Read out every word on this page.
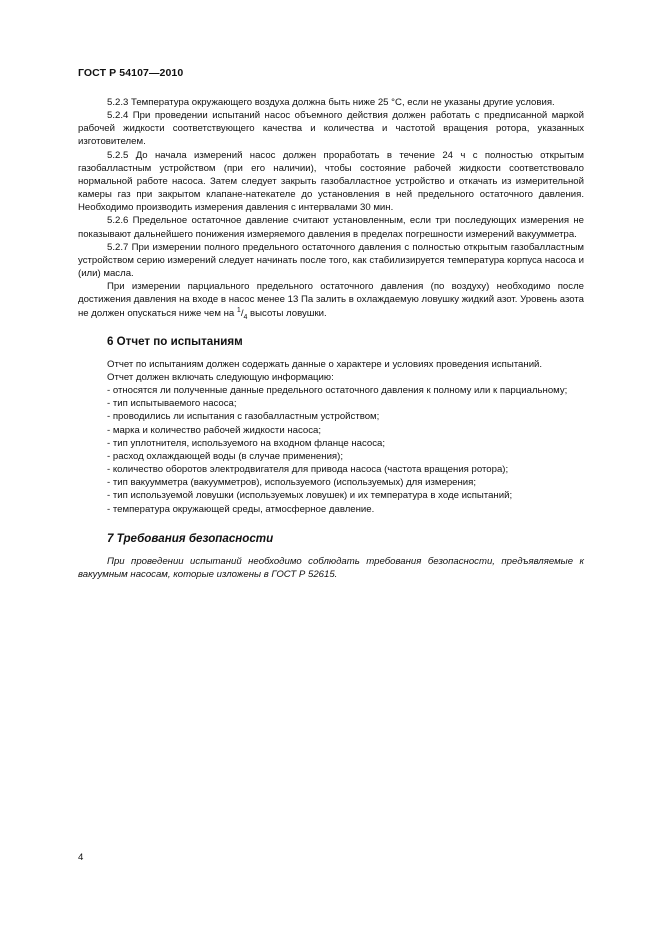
ГОСТ Р 54107—2010

5.2.3 Температура окружающего воздуха должна быть ниже 25 °С, если не указаны другие условия.

5.2.4 При проведении испытаний насос объемного действия должен работать с предписанной маркой рабочей жидкости соответствующего качества и количества и частотой вращения ротора, указанных изготовителем.

5.2.5 До начала измерений насос должен проработать в течение 24 ч с полностью открытым газобалластным устройством (при его наличии), чтобы состояние рабочей жидкости соответствовало нормальной работе насоса. Затем следует закрыть газобалластное устройство и откачать из измерительной камеры газ при закрытом клапане-натекателе до установления в ней предельного остаточного давления. Необходимо производить измерения давления с интервалами 30 мин.

5.2.6 Предельное остаточное давление считают установленным, если три последующих измерения не показывают дальнейшего понижения измеряемого давления в пределах погрешности измерений вакуумметра.

5.2.7 При измерении полного предельного остаточного давления с полностью открытым газобалластным устройством серию измерений следует начинать после того, как стабилизируется температура корпуса насоса и (или) масла.

При измерении парциального предельного остаточного давления (по воздуху) необходимо после достижения давления на входе в насос менее 13 Па залить в охлаждаемую ловушку жидкий азот. Уровень азота не должен опускаться ниже чем на $^1/_4$ высоты ловушки.

6 Отчет по испытаниям

Отчет по испытаниям должен содержать данные о характере и условиях проведения испытаний.

Отчет должен включать следующую информацию:

- относятся ли полученные данные предельного остаточного давления к полному или к парциальному;
- тип испытываемого насоса;
- проводились ли испытания с газобалластным устройством;
- марка и количество рабочей жидкости насоса;
- тип уплотнителя, используемого на входном фланце насоса;
- расход охлаждающей воды (в случае применения);
- количество оборотов электродвигателя для привода насоса (частота вращения ротора);
- тип вакуумметра (вакуумметров), используемого (используемых) для измерения;
- тип используемой ловушки (используемых ловушек) и их температура в ходе испытаний;
- температура окружающей среды, атмосферное давление.
7 Требования безопасности

При проведении испытаний необходимо соблюдать требования безопасности, предъявляемые к вакуумным насосам, которые изложены в ГОСТ Р 52615.

4
